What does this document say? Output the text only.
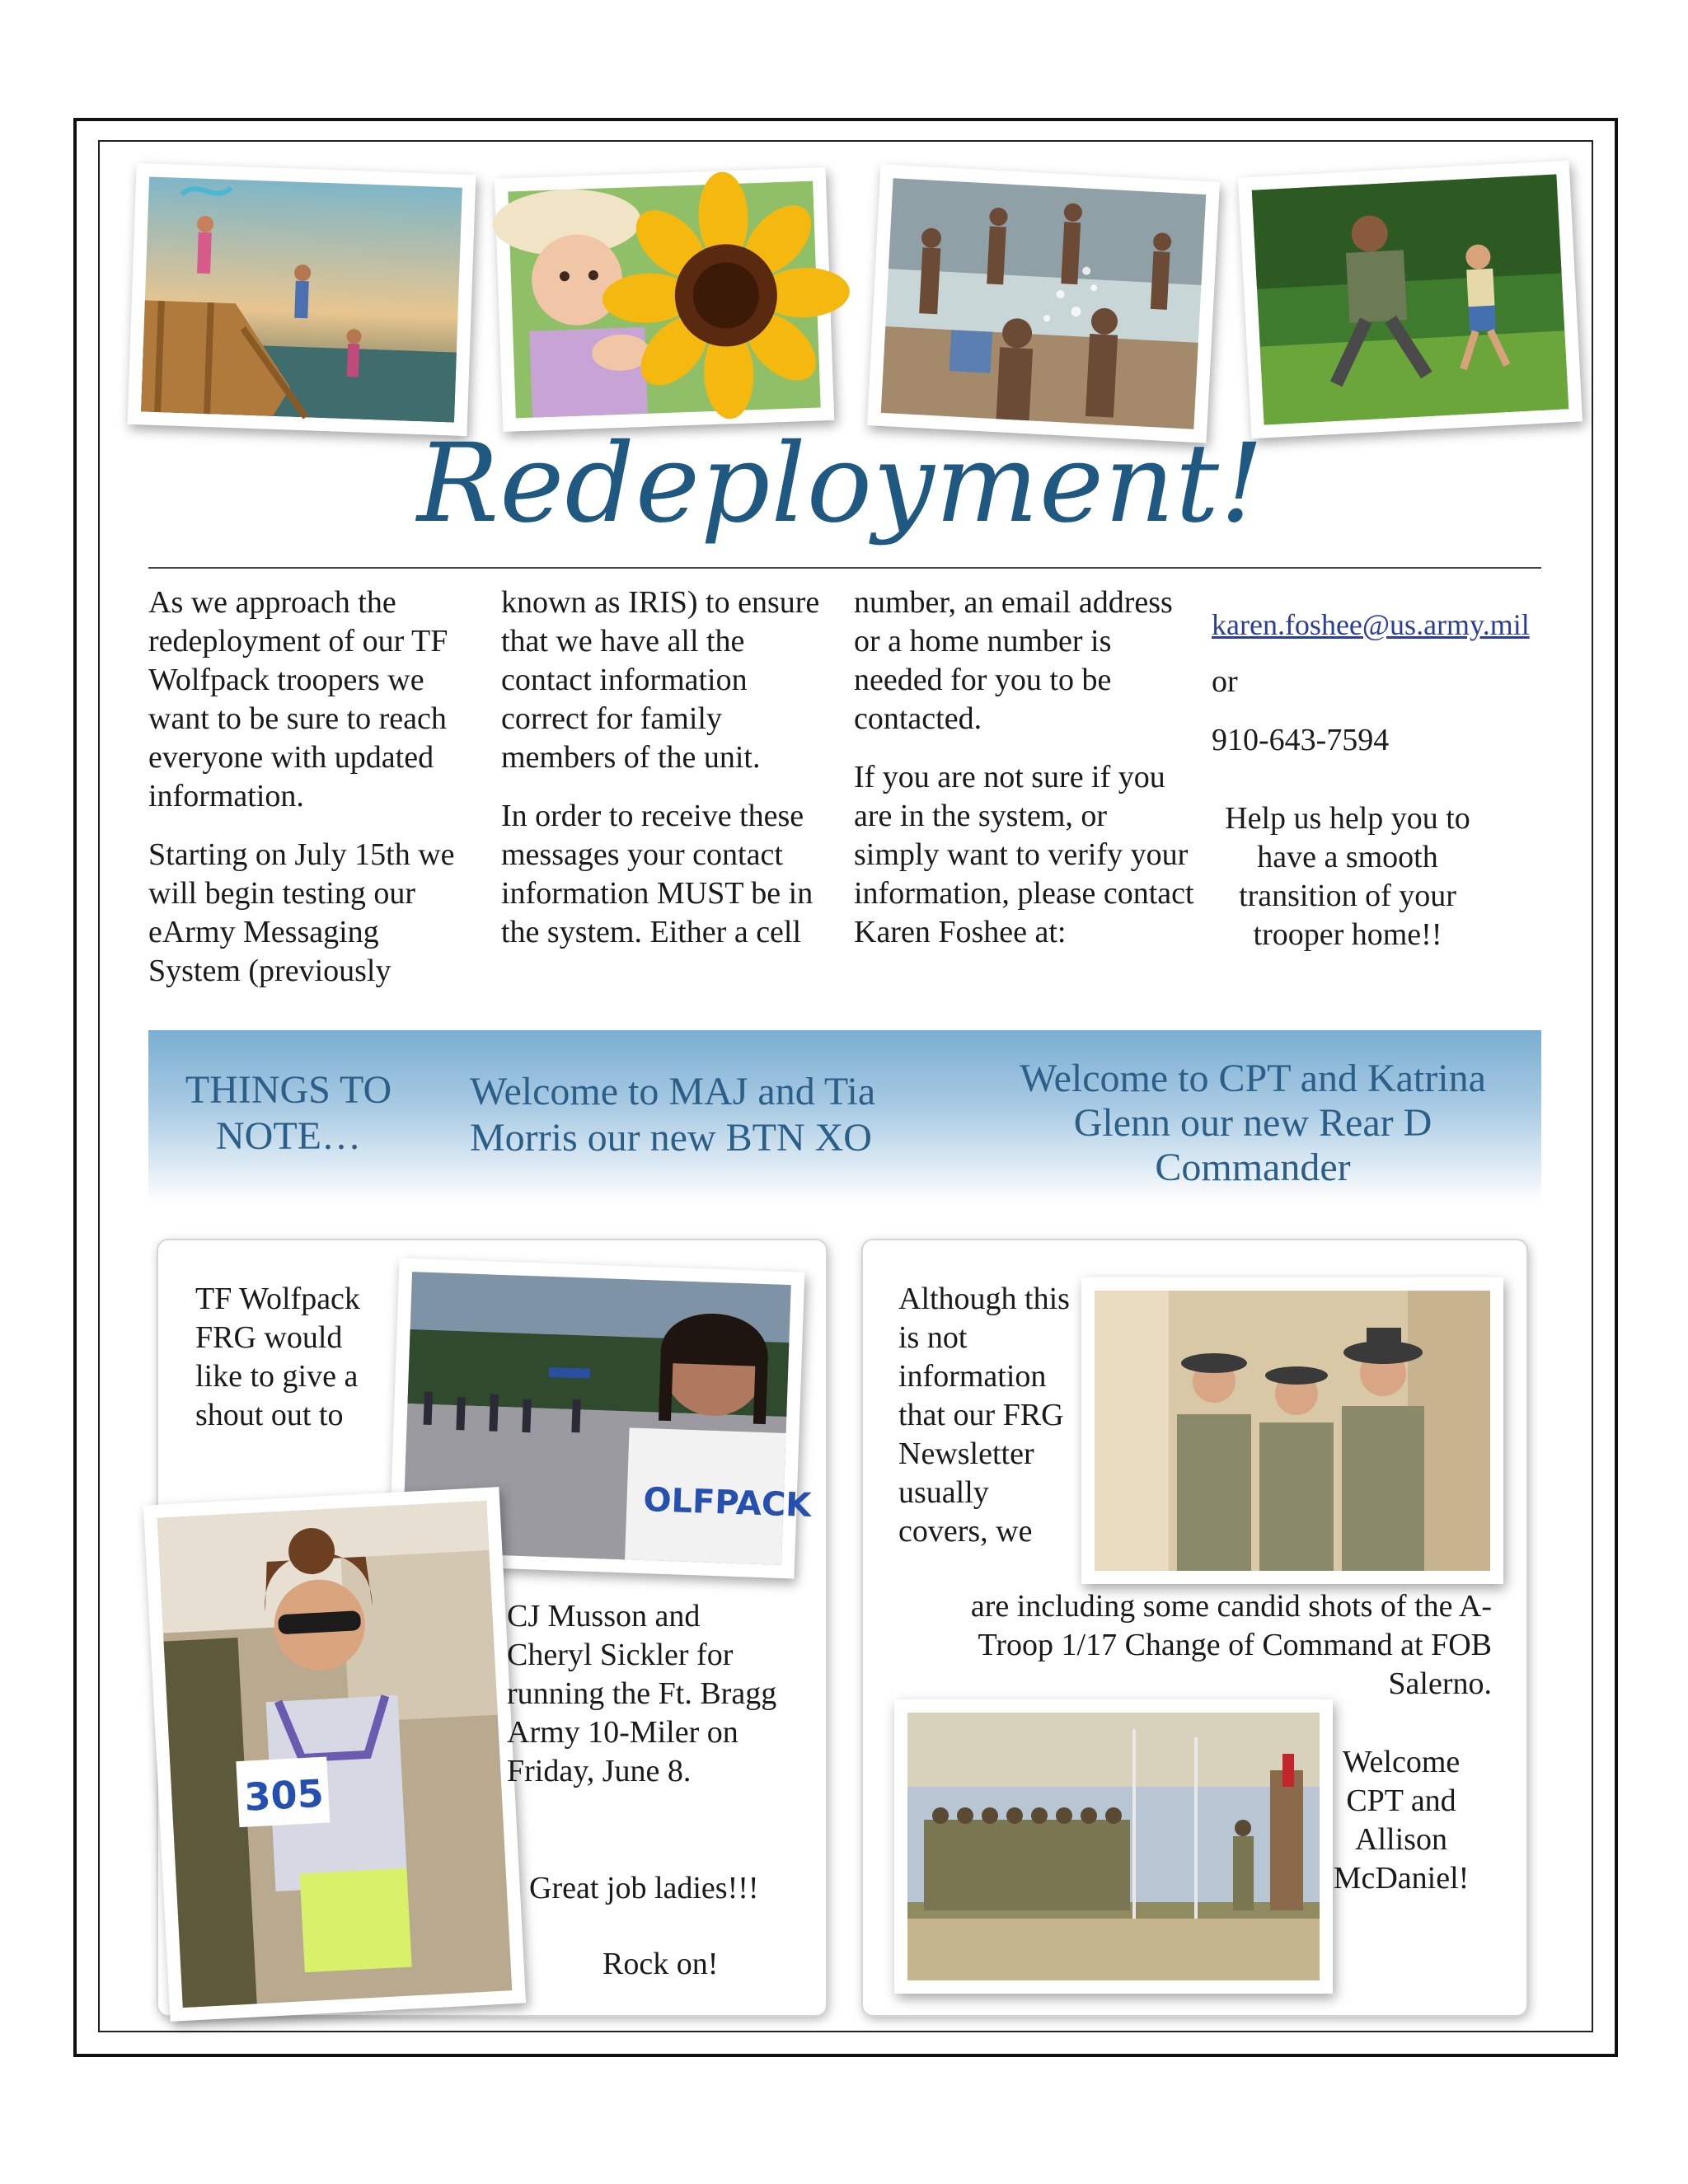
Redeployment!

As we approach the redeployment of our TF Wolfpack troopers we want to be sure to reach everyone with updated information.

Starting on July 15th we will begin testing our eArmy Messaging System (previously

known as IRIS) to ensure that we have all the contact information correct for family members of the unit.

In order to receive these messages your contact information MUST be in the system. Either a cell

number, an email address or a home number is needed for you to be contacted.

If you are not sure if you are in the system, or simply want to verify your information, please contact Karen Foshee at:

karen.foshee@us.army.mil
or
910-643-7594
Help us help you to have a smooth transition of your trooper home!!
THINGS TO NOTE…
Welcome to MAJ and Tia Morris our new BTN XO
Welcome to CPT and Katrina Glenn our new Rear D Commander
TF Wolfpack FRG would like to give a shout out to
OLFPACK
305
CJ Musson and Cheryl Sickler for running the Ft. Bragg Army 10-Miler on Friday, June 8.
Great job ladies!!!
Rock on!
Although this is not information that our FRG Newsletter usually covers, we
are including some candid shots of the A-Troop 1/17 Change of Command at FOB Salerno.
Welcome CPT and Allison McDaniel!
